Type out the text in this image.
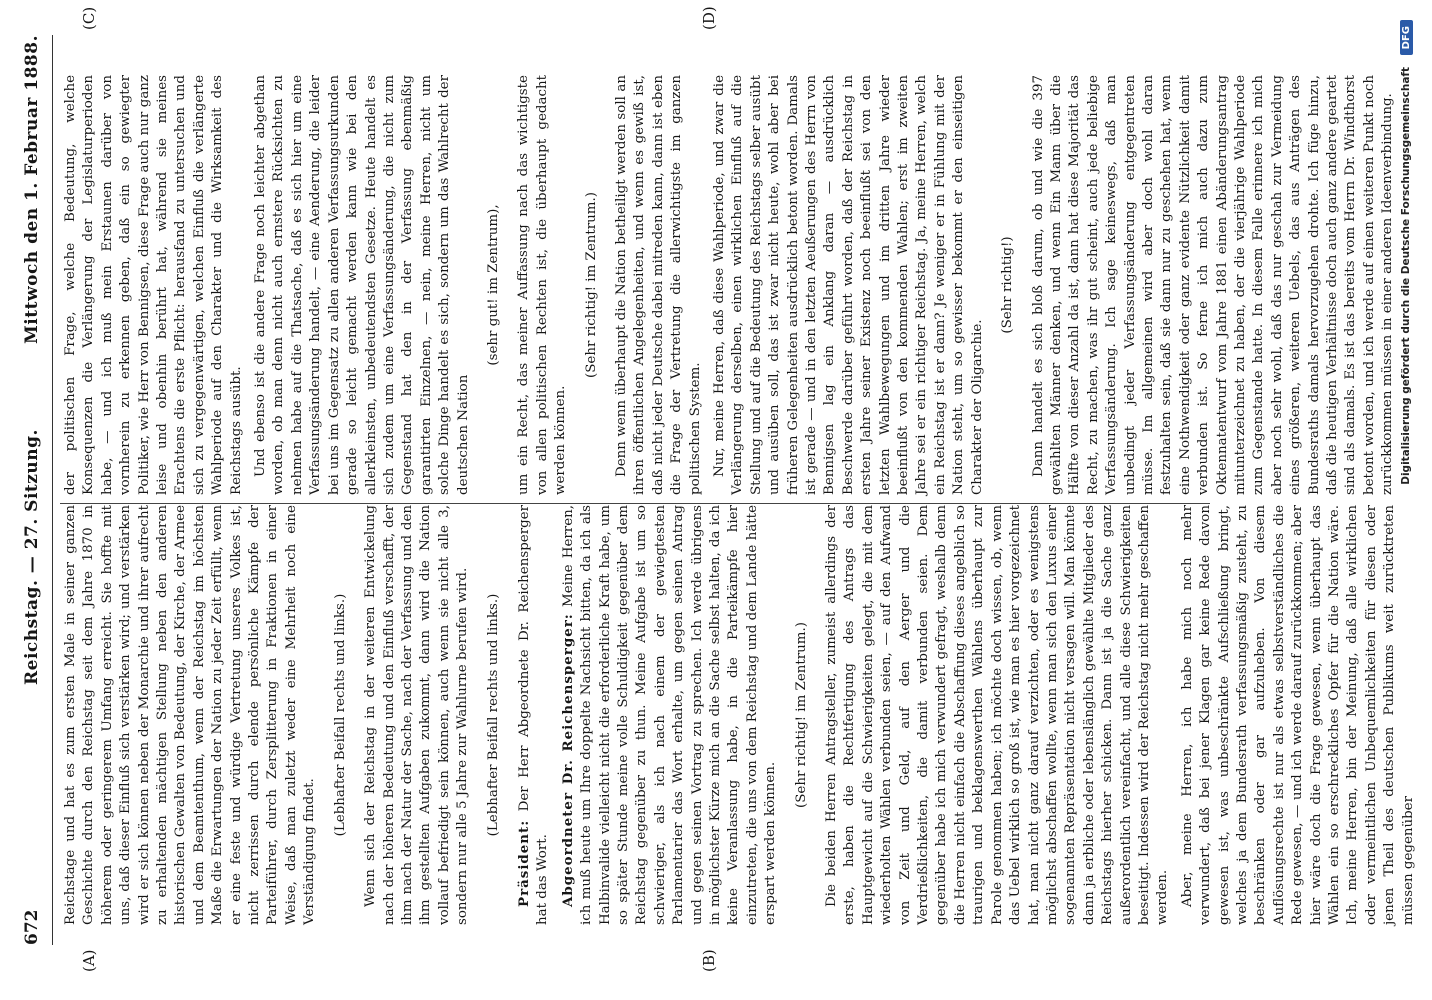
672
Reichstag. — 27. Sitzung.
Mittwoch den 1. Februar 1888.
(A)	(B)

Reichstage und hat es zum ersten Male in seiner ganzen Geschichte durch den Reichstag seit dem Jahre 1870 in höherem oder geringerem Umfang erreicht. Sie hoffte mit uns, daß dieser Einfluß sich verstärken wird; und verstärken wird er sich können neben der Monarchie und ihrer aufrecht zu erhaltenden mächtigen Stellung neben den anderen historischen Gewalten von Bedeutung, der Kirche, der Armee und dem Beamtenthum, wenn der Reichstag im höchsten Maße die Erwartungen der Nation zu jeder Zeit erfüllt, wenn er eine feste und würdige Vertretung unseres Volkes ist, nicht zerrissen durch elende persönliche Kämpfe der Parteiführer, durch Zersplitterung in Fraktionen in einer Weise, daß man zuletzt weder eine Mehrheit noch eine Verständigung findet.

(Lebhafter Beifall rechts und links.) Wenn sich der Reichstag in der weiteren Entwickelung nach der höheren Bedeutung und den Einfluß verschafft, der ihm nach der Natur der Sache, nach der Verfassung und den ihm gestellten Aufgaben zukommt, dann wird die Nation vollauf befriedigt sein können, auch wenn sie nicht alle 3, sondern nur alle 5 Jahre zur Wahlurne berufen wird. (Lebhafter Beifall rechts und links.)

Präsident: Der Herr Abgeordnete Dr. Reichensperger hat das Wort. Abgeordneter Dr. Reichensperger: Meine Herren, ich muß heute um Ihre doppelte Nachsicht bitten, da ich als Halbinvalide vielleicht nicht die erforderliche Kraft habe, um so später Stunde meine volle Schuldigkeit gegenüber dem Reichstag gegenüber zu thun. Meine Aufgabe ist um so schwieriger, als ich nach einem der gewiegtesten Parlamentarier das Wort erhalte, um gegen seinen Antrag und gegen seinen Vortrag zu sprechen. Ich werde übrigens in möglichster Kürze mich an die Sache selbst halten, da ich keine Veranlassung habe, in die Parteikämpfe hier einzutreten, die uns von dem Reichstag und dem Lande hätte erspart werden können.

(Sehr richtig! im Zentrum.) Die beiden Herren Antragsteller, zumeist allerdings der erste, haben die Rechtfertigung des Antrags das Hauptgewicht auf die Schwierigkeiten gelegt, die mit dem wiederholten Wählen verbunden seien, — auf den Aufwand von Zeit und Geld, auf den Aerger und die Verdrießlichkeiten, die damit verbunden seien. Dem gegenüber habe ich mich verwundert gefragt, weshalb denn die Herren nicht einfach die Abschaffung dieses angeblich so traurigen und beklagenswerthen Wählens überhaupt zur Parole genommen haben; ich möchte doch wissen, ob, wenn das Uebel wirklich so groß ist, wie man es hier vorgezeichnet hat, man nicht ganz darauf verzichten, oder es wenigstens möglichst abschaffen wollte, wenn man sich den Luxus einer sogenannten Repräsentation nicht versagen will. Man könnte dann ja erbliche oder lebenslänglich gewählte Mitglieder des Reichstags hierher schicken. Dann ist ja die Sache ganz außerordentlich vereinfacht, und alle diese Schwierigkeiten beseitigt. Indessen wird der Reichstag nicht mehr geschaffen werden. Aber, meine Herren, ich habe mich noch mehr verwundert, daß bei jener Klagen gar keine Rede davon gewesen ist, was unbeschränkte Aufschließung bringt, welches ja dem Bundesrath verfassungsmäßig zusteht, zu beschränken oder gar aufzuheben. Von diesem Auflösungsrechte ist nur als etwas selbstverständliches die Rede gewesen, — und ich werde darauf zurückkommen; aber hier wäre doch die Frage gewesen, wenn überhaupt das Wählen ein so erschreckliches Opfer für die Nation wäre. Ich, meine Herren, bin der Meinung, daß alle wirklichen oder vermeintlichen Unbequemlichkeiten für diesen oder jenen Theil des deutschen Publikums weit zurücktreten müssen gegenüber

(C)	(D)

der politischen Frage, welche Bedeutung, welche Konsequenzen die Verlängerung der Legislaturperioden habe, — und ich muß mein Erstaunen darüber von vornherein zu erkennen geben, daß ein so gewiegter Politiker, wie Herr von Bennigsen, diese Frage auch nur ganz leise und obenhin berührt hat, während sie meines Erachtens die erste Pflicht: herausfand zu untersuchen und sich zu vergegenwärtigen, welchen Einfluß die verlängerte Wahlperiode auf den Charakter und die Wirksamkeit des Reichstags ausübt. Und ebenso ist die andere Frage noch leichter abgethan worden, ob man denn nicht auch ernstere Rücksichten zu nehmen habe auf die Thatsache, daß es sich hier um eine Verfassungsänderung handelt, — eine Aenderung, die leider bei uns im Gegensatz zu allen anderen Verfassungsurkunden gerade so leicht gemacht werden kann wie bei den allerkleinsten, unbedeutendsten Gesetze. Heute handelt es sich zudem um eine Verfassungsänderung, die nicht zum Gegenstand hat den in der Verfassung ebenmäßig garantirten Einzelnen, — nein, meine Herren, nicht um solche Dinge handelt es sich, sondern um das Wahlrecht der deutschen Nation

(sehr gut! im Zentrum), um ein Recht, das meiner Auffassung nach das wichtigste von allen politischen Rechten ist, die überhaupt gedacht werden können.

(Sehr richtig! im Zentrum.) Denn wenn überhaupt die Nation betheiligt werden soll an ihren öffentlichen Angelegenheiten, und wenn es gewiß ist, daß nicht jeder Deutsche dabei mitreden kann, dann ist eben die Frage der Vertretung die allerwichtigste im ganzen politischen System. Nur, meine Herren, daß diese Wahlperiode, und zwar die Verlängerung derselben, einen wirklichen Einfluß auf die Stellung und auf die Bedeutung des Reichstags selber ausübt und ausüben soll, das ist zwar nicht heute, wohl aber bei früheren Gelegenheiten ausdrücklich betont worden. Damals ist gerade — und in den letzten Aeußerungen des Herrn von Bennigsen lag ein Anklang daran — ausdrücklich Beschwerde darüber geführt worden, daß der Reichstag in ersten Jahre seiner Existenz noch beeinflußt sei von den letzten Wahlbewegungen und im dritten Jahre wieder beeinflußt von den kommenden Wahlen; erst im zweiten Jahre sei er ein richtiger Reichstag. Ja, meine Herren, welch ein Reichstag ist er dann? Je weniger er in Fühlung mit der Nation steht, um so gewisser bekommt er den einseitigen Charakter der Oligarchie.

(Sehr richtig!) Dann handelt es sich bloß darum, ob und wie die 397 gewählten Männer denken, und wenn Ein Mann über die Hälfte von dieser Anzahl da ist, dann hat diese Majorität das Recht, zu machen, was ihr gut scheint, auch jede beliebige Verfassungsänderung. Ich sage keineswegs, daß man unbedingt jeder Verfassungsänderung entgegentreten müsse. Im allgemeinen wird aber doch wohl daran festzuhalten sein, daß sie dann nur zu geschehen hat, wenn eine Nothwendigkeit oder ganz evidente Nützlichkeit damit verbunden ist. So ferne ich mich auch dazu zum Oktennatentwurf vom Jahre 1881 einen Abänderungsantrag mitunterzeichnet zu haben, der die vierjährige Wahlperiode zum Gegenstande hatte. In diesem Falle erinnere ich mich aber noch sehr wohl, daß das nur geschah zur Vermeidung eines größeren, weiteren Uebels, das aus Anträgen des Bundesraths damals hervorzugehen drohte. Ich füge hinzu, daß die heutigen Verhältnisse doch auch ganz andere geartet sind als damals. Es ist das bereits vom Herrn Dr. Windthorst betont worden, und ich werde auf einen weiteren Punkt noch zurückkommen müssen in einer anderen Ideenverbindung. Digitalisierung gefördert durch die Deutsche Forschungsgemeinschaft DFG
